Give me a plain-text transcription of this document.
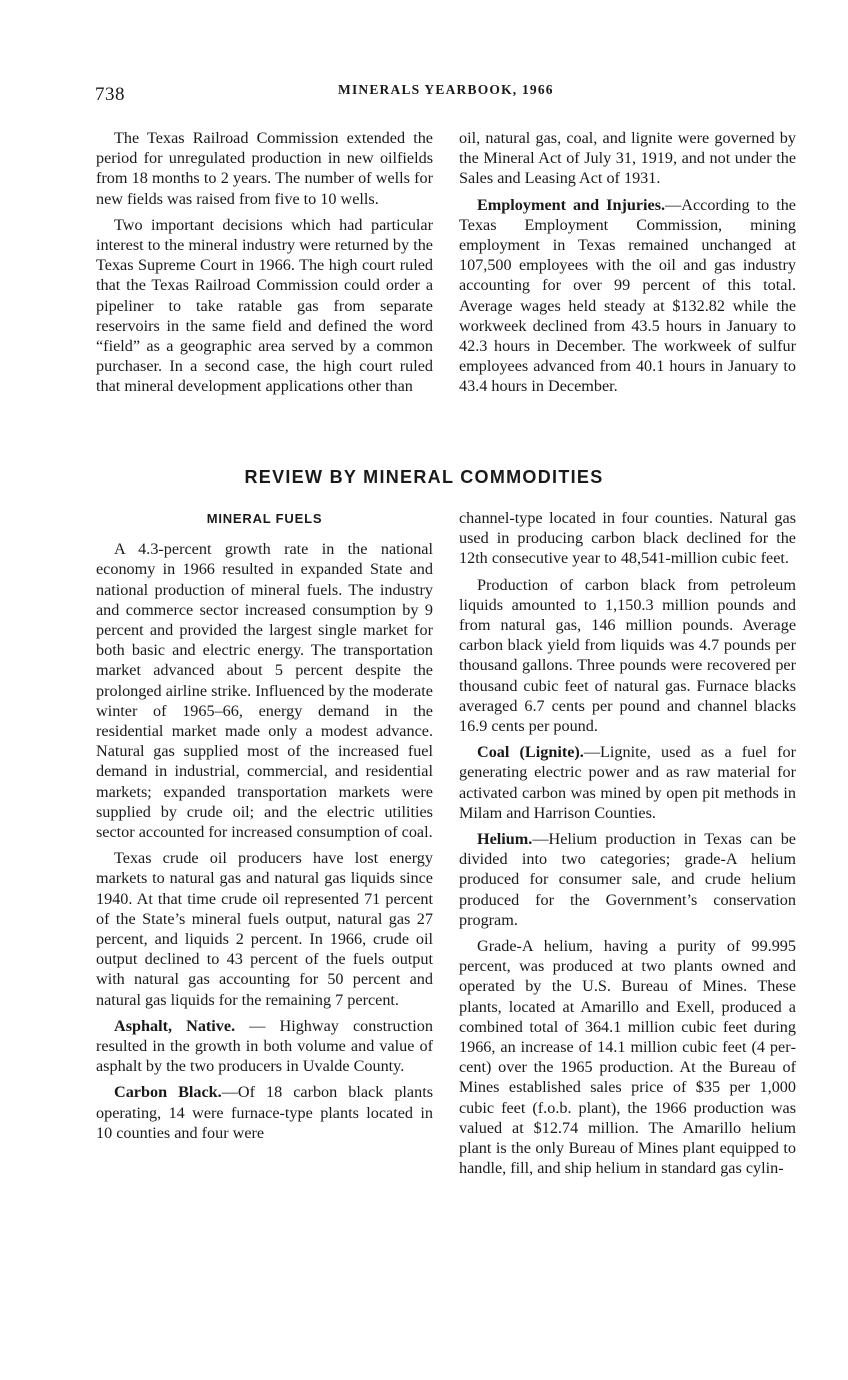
738	MINERALS YEARBOOK, 1966

The Texas Railroad Commission extended the period for unregulated production in new oilfields from 18 months to 2 years. The number of wells for new fields was raised from five to 10 wells.

Two important decisions which had particular interest to the mineral industry were returned by the Texas Supreme Court in 1966. The high court ruled that the Texas Railroad Commission could order a pipeliner to take ratable gas from separate reservoirs in the same field and defined the word “field” as a geographic area served by a common purchaser. In a second case, the high court ruled that mineral development applications other than

oil, natural gas, coal, and lignite were governed by the Mineral Act of July 31, 1919, and not under the Sales and Leasing Act of 1931.

Employment and Injuries.—According to the Texas Employment Commission, mining employment in Texas remained unchanged at 107,500 employees with the oil and gas industry accounting for over 99 percent of this total. Average wages held steady at $132.82 while the workweek declined from 43.5 hours in January to 42.3 hours in December. The workweek of sulfur employees advanced from 40.1 hours in January to 43.4 hours in December.

REVIEW BY MINERAL COMMODITIES
MINERAL FUELS

A 4.3-percent growth rate in the national economy in 1966 resulted in expanded State and national production of mineral fuels. The industry and commerce sector increased consumption by 9 percent and provided the largest single market for both basic and electric energy. The transportation market advanced about 5 percent despite the prolonged airline strike. Influenced by the moderate winter of 1965–66, energy demand in the residential market made only a modest advance. Natural gas supplied most of the increased fuel demand in industrial, commercial, and residential markets; expanded transportation markets were supplied by crude oil; and the electric utilities sector accounted for increased consumption of coal.

Texas crude oil producers have lost energy markets to natural gas and natural gas liquids since 1940. At that time crude oil represented 71 percent of the State’s mineral fuels output, natural gas 27 percent, and liquids 2 percent. In 1966, crude oil output declined to 43 percent of the fuels output with natural gas accounting for 50 percent and natural gas liquids for the remaining 7 percent.

Asphalt, Native. — Highway construction resulted in the growth in both volume and value of asphalt by the two producers in Uvalde County.

Carbon Black.—Of 18 carbon black plants operating, 14 were furnace-type plants located in 10 counties and four were

channel-type located in four counties. Natural gas used in producing carbon black declined for the 12th consecutive year to 48,541-million cubic feet.

Production of carbon black from petroleum liquids amounted to 1,150.3 million pounds and from natural gas, 146 million pounds. Average carbon black yield from liquids was 4.7 pounds per thousand gallons. Three pounds were recovered per thousand cubic feet of natural gas. Furnace blacks averaged 6.7 cents per pound and channel blacks 16.9 cents per pound.

Coal (Lignite).—Lignite, used as a fuel for generating electric power and as raw material for activated carbon was mined by open pit methods in Milam and Harrison Counties.

Helium.—Helium production in Texas can be divided into two categories; grade-A helium produced for consumer sale, and crude helium produced for the Government’s conservation program.

Grade-A helium, having a purity of 99.995 percent, was produced at two plants owned and operated by the U.S. Bureau of Mines. These plants, located at Amarillo and Exell, produced a combined total of 364.1 million cubic feet during 1966, an increase of 14.1 million cubic feet (4 percent) over the 1965 production. At the Bureau of Mines established sales price of $35 per 1,000 cubic feet (f.o.b. plant), the 1966 production was valued at $12.74 million. The Amarillo helium plant is the only Bureau of Mines plant equipped to handle, fill, and ship helium in standard gas cylin-
